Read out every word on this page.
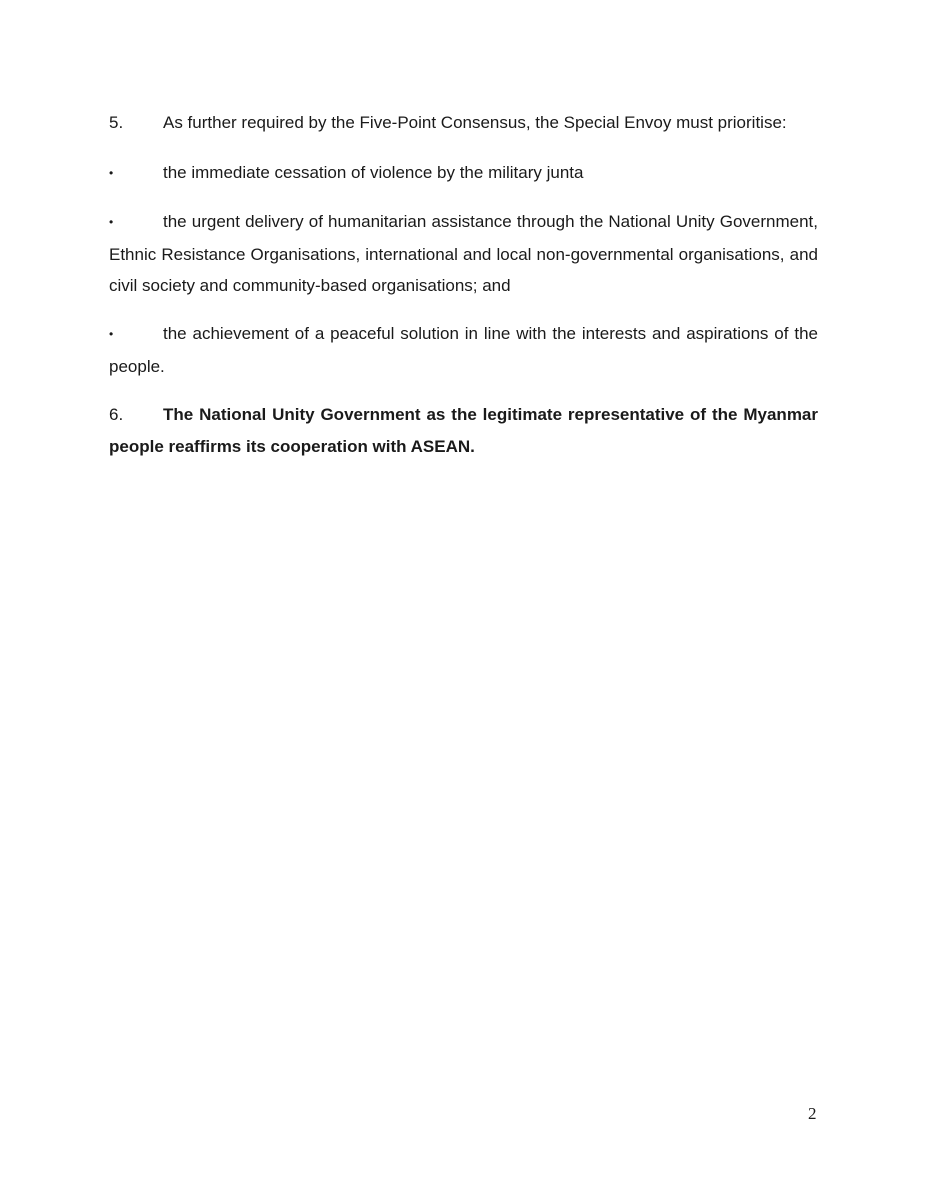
5. As further required by the Five-Point Consensus, the Special Envoy must prioritise:

•	the immediate cessation of violence by the military junta

•	the urgent delivery of humanitarian assistance through the National Unity Government, Ethnic Resistance Organisations, international and local non-governmental organisations, and civil society and community-based organisations; and

•	the achievement of a peaceful solution in line with the interests and aspirations of the people.

6. The National Unity Government as the legitimate representative of the Myanmar people reaffirms its cooperation with ASEAN.

2
